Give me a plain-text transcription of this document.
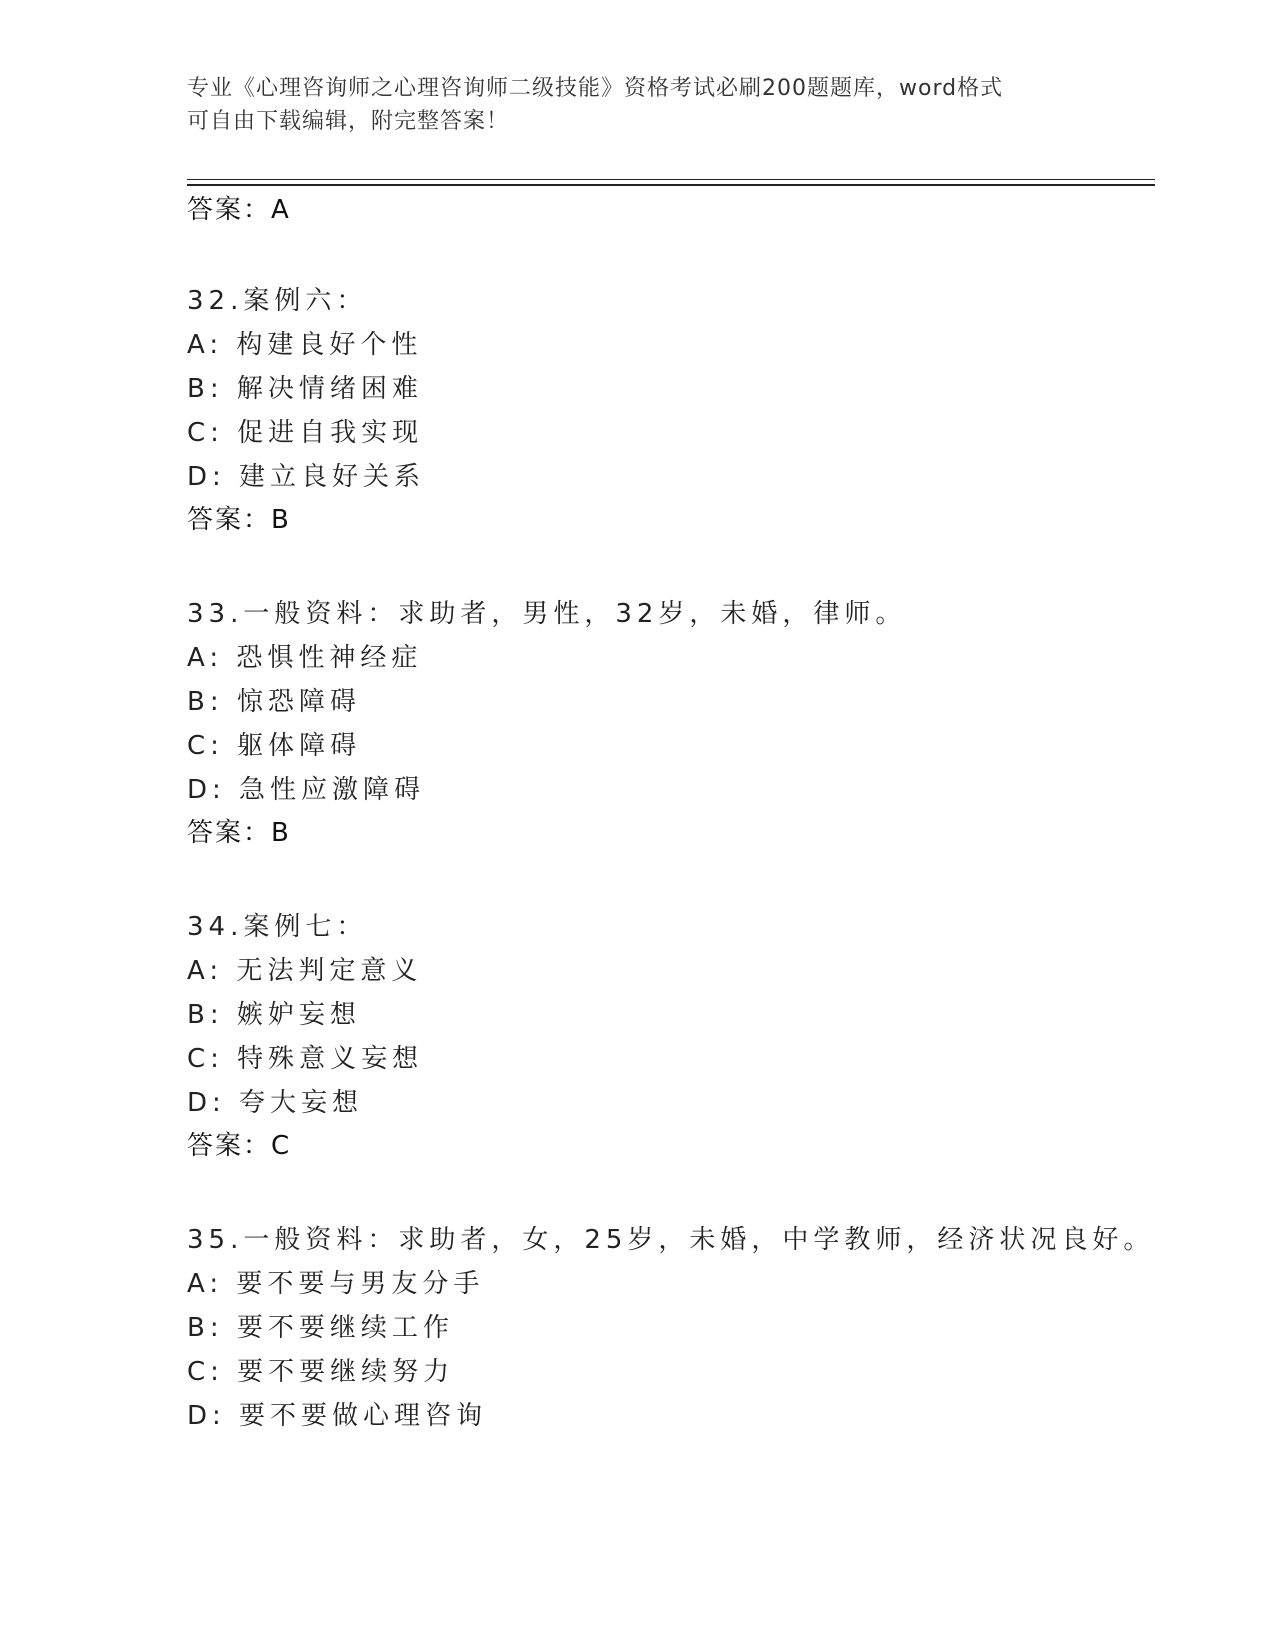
专业《心理咨询师之心理咨询师二级技能》资格考试必刷200题题库，word格式
可自由下载编辑，附完整答案！
答案：A
32.案例六：
A: 构建良好个性
B: 解决情绪困难
C: 促进自我实现
D: 建立良好关系
答案：B
33.一般资料：求助者，男性，32岁，未婚，律师。
A: 恐惧性神经症
B: 惊恐障碍
C: 躯体障碍
D: 急性应激障碍
答案：B
34.案例七：
A: 无法判定意义
B: 嫉妒妄想
C: 特殊意义妄想
D: 夸大妄想
答案：C
35.一般资料：求助者，女，25岁，未婚，中学教师，经济状况良好。
A: 要不要与男友分手
B: 要不要继续工作
C: 要不要继续努力
D: 要不要做心理咨询
